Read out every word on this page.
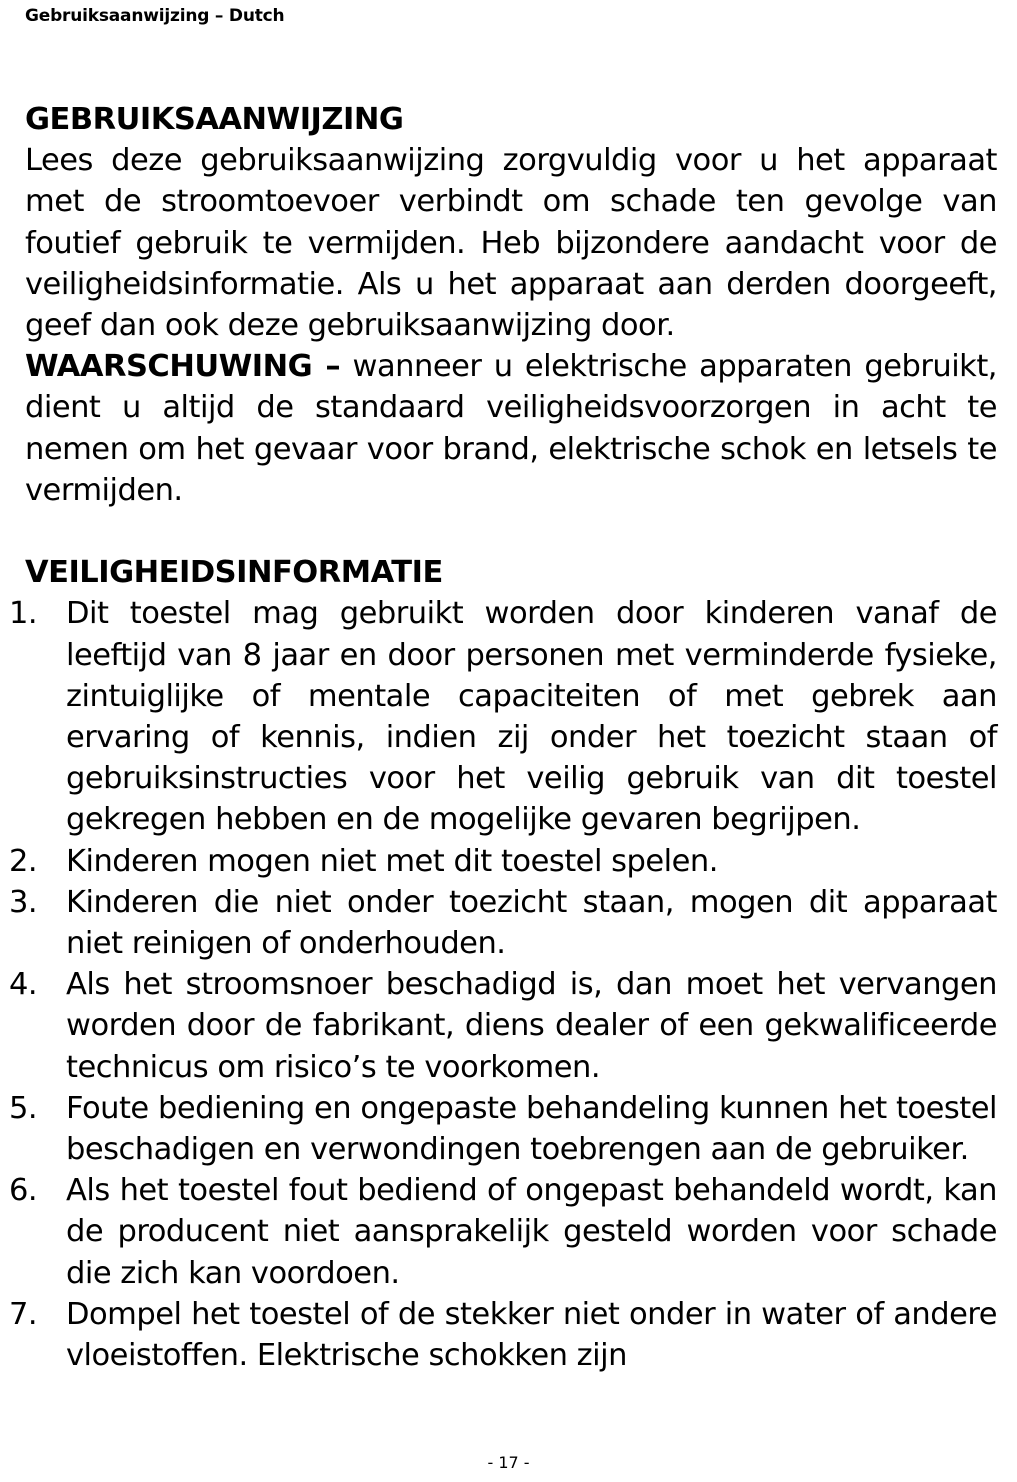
Gebruiksaanwijzing – Dutch
GEBRUIKSAANWIJZING
Lees deze gebruiksaanwijzing zorgvuldig voor u het apparaat met de stroomtoevoer verbindt om schade ten gevolge van foutief gebruik te vermijden. Heb bijzondere aandacht voor de veiligheidsinformatie. Als u het apparaat aan derden doorgeeft, geef dan ook deze gebruiksaanwijzing door.
WAARSCHUWING – wanneer u elektrische apparaten gebruikt, dient u altijd de standaard veiligheidsvoorzorgen in acht te nemen om het gevaar voor brand, elektrische schok en letsels te vermijden.
VEILIGHEIDSINFORMATIE
1. Dit toestel mag gebruikt worden door kinderen vanaf de leeftijd van 8 jaar en door personen met verminderde fysieke, zintuiglijke of mentale capaciteiten of met gebrek aan ervaring of kennis, indien zij onder het toezicht staan of gebruiksinstructies voor het veilig gebruik van dit toestel gekregen hebben en de mogelijke gevaren begrijpen.
2. Kinderen mogen niet met dit toestel spelen.
3. Kinderen die niet onder toezicht staan, mogen dit apparaat niet reinigen of onderhouden.
4. Als het stroomsnoer beschadigd is, dan moet het vervangen worden door de fabrikant, diens dealer of een gekwalificeerde technicus om risico’s te voorkomen.
5. Foute bediening en ongepaste behandeling kunnen het toestel beschadigen en verwondingen toebrengen aan de gebruiker.
6. Als het toestel fout bediend of ongepast behandeld wordt, kan de producent niet aansprakelijk gesteld worden voor schade die zich kan voordoen.
7. Dompel het toestel of de stekker niet onder in water of andere vloeistoffen. Elektrische schokken zijn
- 17 -
